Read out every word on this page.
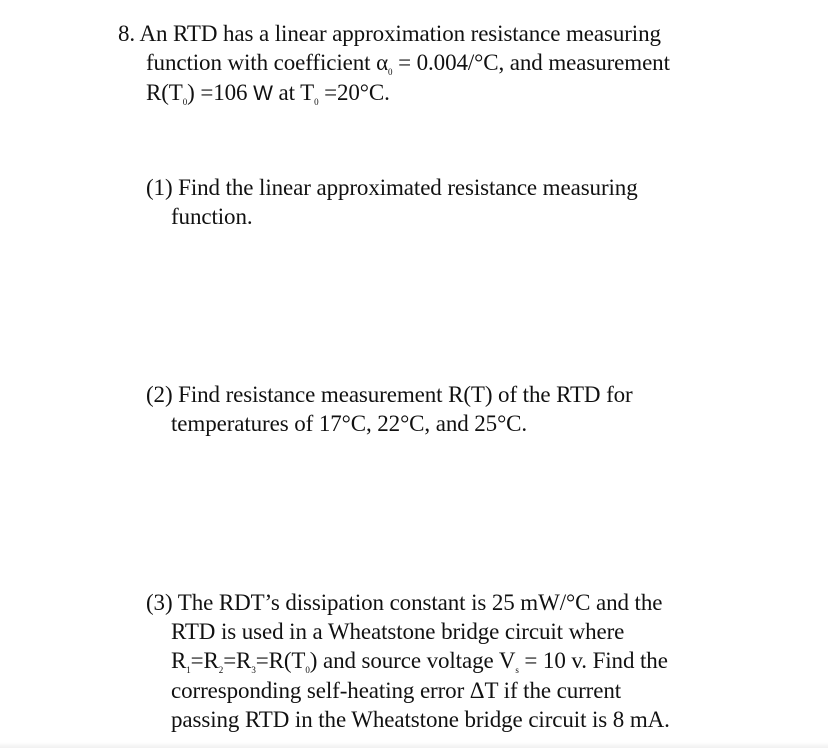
8. An RTD has a linear approximation resistance measuring
function with coefficient $\alpha_0 = 0.004/^\circ C$, and measurement
$R(T_0) =106$ W at $T_0 =20^\circ C$.
(1) Find the linear approximated resistance measuring
function.
(2) Find resistance measurement R(T) of the RTD for
temperatures of 17°C, 22°C, and 25°C.
(3) The RDT’s dissipation constant is 25 mW/°C and the
RTD is used in a Wheatstone bridge circuit where
$R_1=R_2=R_3=R(T_0)$ and source voltage $V_s = 10$ v. Find the
corresponding self-heating error ΔT if the current
passing RTD in the Wheatstone bridge circuit is 8 mA.
